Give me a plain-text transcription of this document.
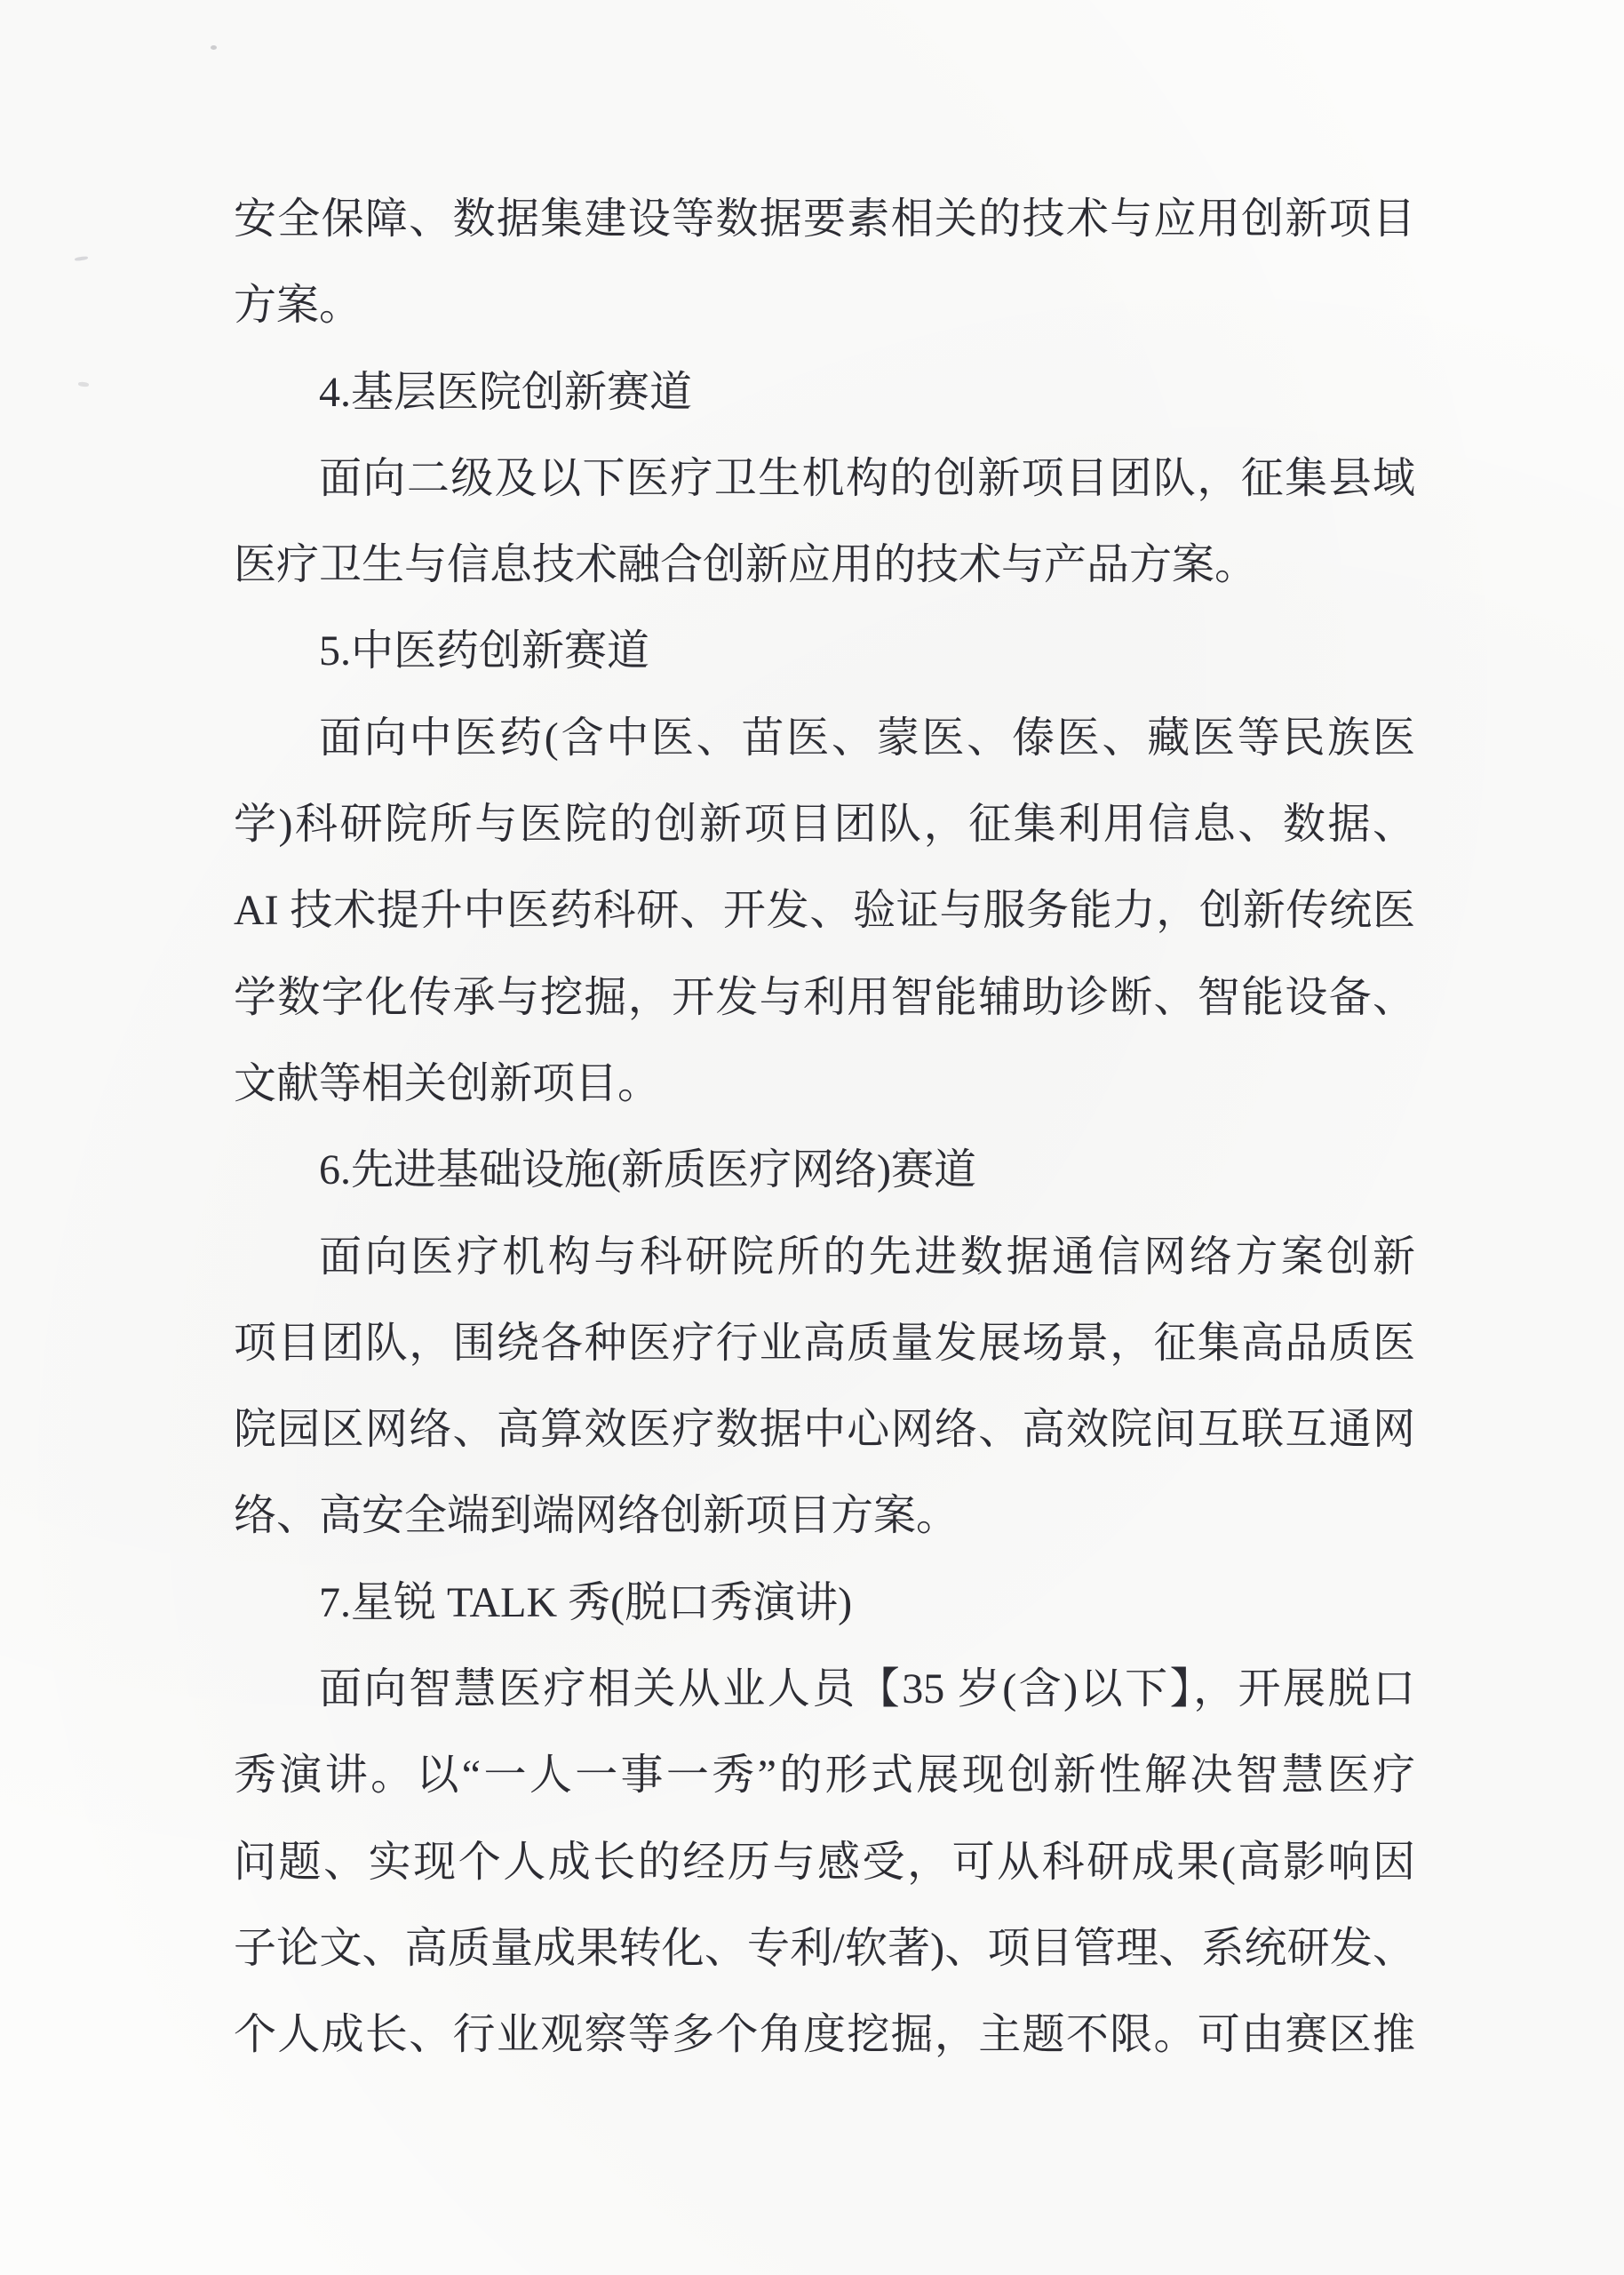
安全保障、数据集建设等数据要素相关的技术与应用创新项目

方案。

4.基层医院创新赛道

面向二级及以下医疗卫生机构的创新项目团队，征集县域

医疗卫生与信息技术融合创新应用的技术与产品方案。

5.中医药创新赛道

面向中医药(含中医、苗医、蒙医、傣医、藏医等民族医

学)科研院所与医院的创新项目团队，征集利用信息、数据、

AI 技术提升中医药科研、开发、验证与服务能力，创新传统医

学数字化传承与挖掘，开发与利用智能辅助诊断、智能设备、

文献等相关创新项目。

6.先进基础设施(新质医疗网络)赛道

面向医疗机构与科研院所的先进数据通信网络方案创新

项目团队，围绕各种医疗行业高质量发展场景，征集高品质医

院园区网络、高算效医疗数据中心网络、高效院间互联互通网

络、高安全端到端网络创新项目方案。

7.星锐 TALK 秀(脱口秀演讲)

面向智慧医疗相关从业人员【35 岁(含)以下】，开展脱口

秀演讲。以“一人一事一秀”的形式展现创新性解决智慧医疗

问题、实现个人成长的经历与感受，可从科研成果(高影响因

子论文、高质量成果转化、专利/软著)、项目管理、系统研发、

个人成长、行业观察等多个角度挖掘，主题不限。可由赛区推
